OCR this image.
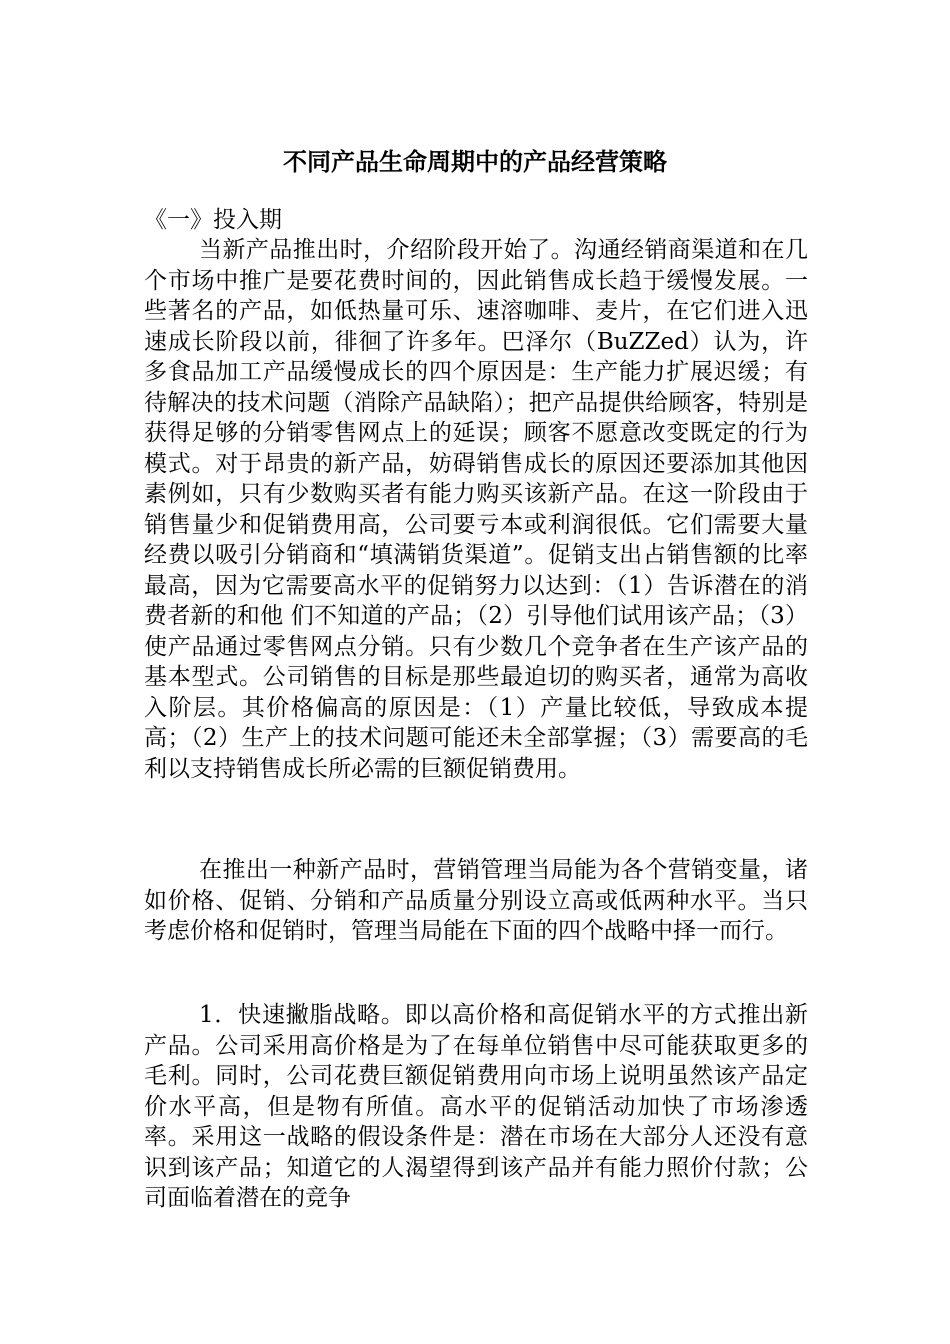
不同产品生命周期中的产品经营策略
《一》投入期
当新产品推出时，介绍阶段开始了。沟通经销商渠道和在几个市场中推广是要花费时间的，因此销售成长趋于缓慢发展。一些著名的产品，如低热量可乐、速溶咖啡、麦片，在它们进入迅速成长阶段以前，徘徊了许多年。巴泽尔（BuZZed）认为，许多食品加工产品缓慢成长的四个原因是：生产能力扩展迟缓；有待解决的技术问题（消除产品缺陷）；把产品提供给顾客，特别是获得足够的分销零售网点上的延误；顾客不愿意改变既定的行为模式。对于昂贵的新产品，妨碍销售成长的原因还要添加其他因素例如，只有少数购买者有能力购买该新产品。在这一阶段由于销售量少和促销费用高，公司要亏本或利润很低。它们需要大量经费以吸引分销商和“填满销货渠道”。促销支出占销售额的比率最高，因为它需要高水平的促销努力以达到：（1）告诉潜在的消费者新的和他 们不知道的产品；（2）引导他们试用该产品；（3）使产品通过零售网点分销。只有少数几个竞争者在生产该产品的基本型式。公司销售的目标是那些最迫切的购买者，通常为高收入阶层。其价格偏高的原因是：（1）产量比较低，导致成本提高；（2）生产上的技术问题可能还未全部掌握；（3）需要高的毛利以支持销售成长所必需的巨额促销费用。
在推出一种新产品时，营销管理当局能为各个营销变量，诸如价格、促销、分销和产品质量分别设立高或低两种水平。当只考虑价格和促销时，管理当局能在下面的四个战略中择一而行。
1．快速撇脂战略。即以高价格和高促销水平的方式推出新产品。公司采用高价格是为了在每单位销售中尽可能获取更多的毛利。同时，公司花费巨额促销费用向市场上说明虽然该产品定价水平高，但是物有所值。高水平的促销活动加快了市场渗透率。采用这一战略的假设条件是：潜在市场在大部分人还没有意识到该产品；知道它的人渴望得到该产品并有能力照价付款；公司面临着潜在的竞争
